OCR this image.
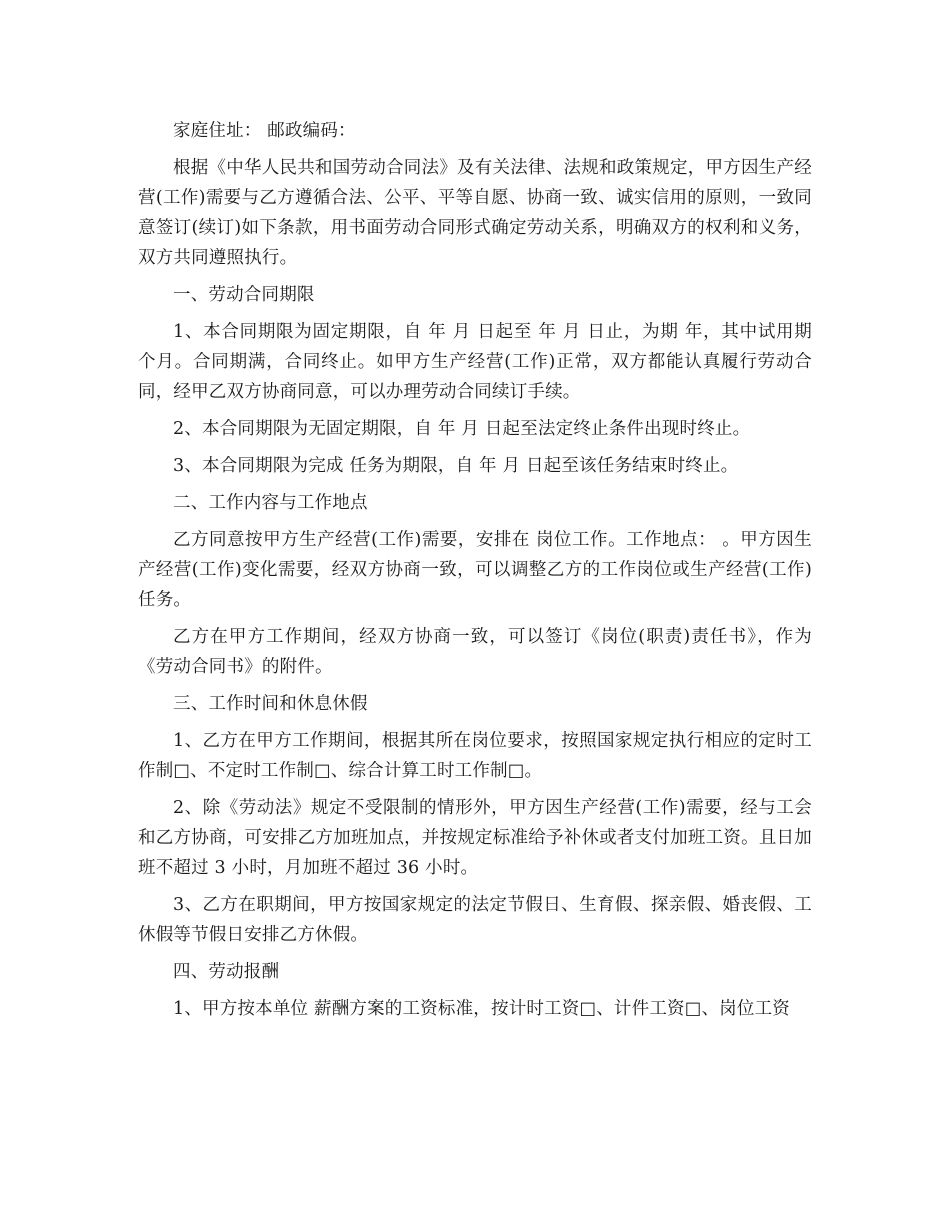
家庭住址： 邮政编码：

根据《中华人民共和国劳动合同法》及有关法律、法规和政策规定，甲方因生产经营(工作)需要与乙方遵循合法、公平、平等自愿、协商一致、诚实信用的原则，一致同意签订(续订)如下条款，用书面劳动合同形式确定劳动关系，明确双方的权利和义务，双方共同遵照执行。

一、劳动合同期限

1、本合同期限为固定期限，自 年 月 日起至 年 月 日止，为期 年，其中试用期 个月。合同期满，合同终止。如甲方生产经营(工作)正常，双方都能认真履行劳动合同，经甲乙双方协商同意，可以办理劳动合同续订手续。

2、本合同期限为无固定期限，自 年 月 日起至法定终止条件出现时终止。

3、本合同期限为完成 任务为期限，自 年 月 日起至该任务结束时终止。

二、工作内容与工作地点

乙方同意按甲方生产经营(工作)需要，安排在 岗位工作。工作地点： 。甲方因生产经营(工作)变化需要，经双方协商一致，可以调整乙方的工作岗位或生产经营(工作)任务。

乙方在甲方工作期间，经双方协商一致，可以签订《岗位(职责)责任书》，作为《劳动合同书》的附件。

三、工作时间和休息休假

1、乙方在甲方工作期间，根据其所在岗位要求，按照国家规定执行相应的定时工作制□、不定时工作制□、综合计算工时工作制□。

2、除《劳动法》规定不受限制的情形外，甲方因生产经营(工作)需要，经与工会和乙方协商，可安排乙方加班加点，并按规定标准给予补休或者支付加班工资。且日加班不超过 3 小时，月加班不超过 36 小时。

3、乙方在职期间，甲方按国家规定的法定节假日、生育假、探亲假、婚丧假、工休假等节假日安排乙方休假。

四、劳动报酬

1、甲方按本单位 薪酬方案的工资标准，按计时工资□、计件工资□、岗位工资
